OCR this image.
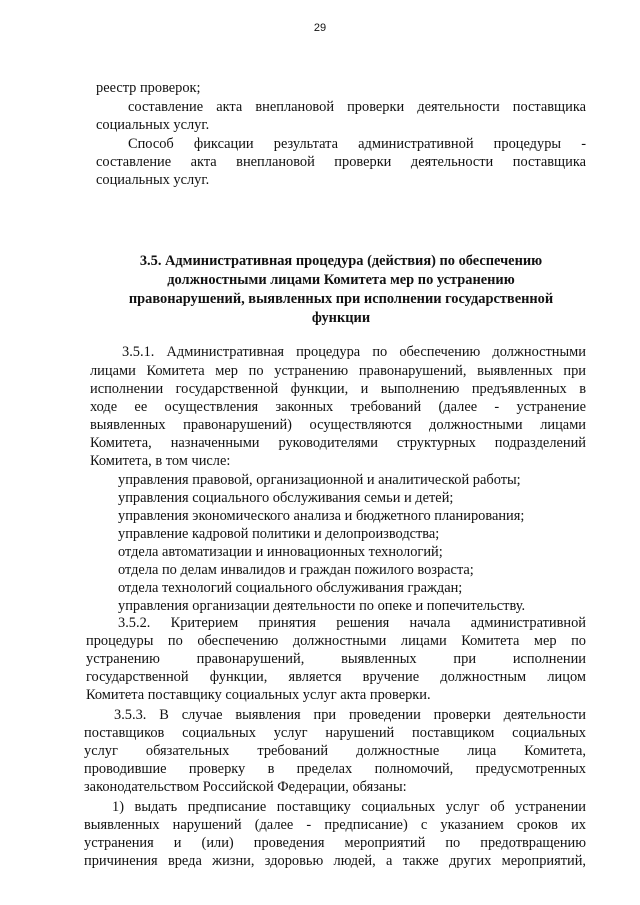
29
реестр проверок;
составление акта внеплановой проверки деятельности поставщика
социальных услуг.
Способ фиксации результата административной процедуры -
составление акта внеплановой проверки деятельности поставщика
социальных услуг.
3.5. Административная процедура (действия) по обеспечению
должностными лицами Комитета мер по устранению
правонарушений, выявленных при исполнении государственной
функции
3.5.1. Административная процедура по обеспечению должностными
лицами Комитета мер по устранению правонарушений, выявленных при
исполнении государственной функции, и выполнению предъявленных в
ходе ее осуществления законных требований (далее - устранение
выявленных правонарушений) осуществляются должностными лицами
Комитета, назначенными руководителями структурных подразделений
Комитета, в том числе:
управления правовой, организационной и аналитической работы;
управления социального обслуживания семьи и детей;
управления экономического анализа и бюджетного планирования;
управление кадровой политики и делопроизводства;
отдела автоматизации и инновационных технологий;
отдела по делам инвалидов и граждан пожилого возраста;
отдела технологий социального обслуживания граждан;
управления организации деятельности по опеке и попечительству.
3.5.2. Критерием принятия решения начала административной
процедуры по обеспечению должностными лицами Комитета мер по
устранению правонарушений, выявленных при исполнении
государственной функции, является вручение должностным лицом
Комитета поставщику социальных услуг акта проверки.
3.5.3. В случае выявления при проведении проверки деятельности
поставщиков социальных услуг нарушений поставщиком социальных
услуг обязательных требований должностные лица Комитета,
проводившие проверку в пределах полномочий, предусмотренных
законодательством Российской Федерации, обязаны:
1) выдать предписание поставщику социальных услуг об устранении
выявленных нарушений (далее - предписание) с указанием сроков их
устранения и (или) проведения мероприятий по предотвращению
причинения вреда жизни, здоровью людей, а также других мероприятий,
